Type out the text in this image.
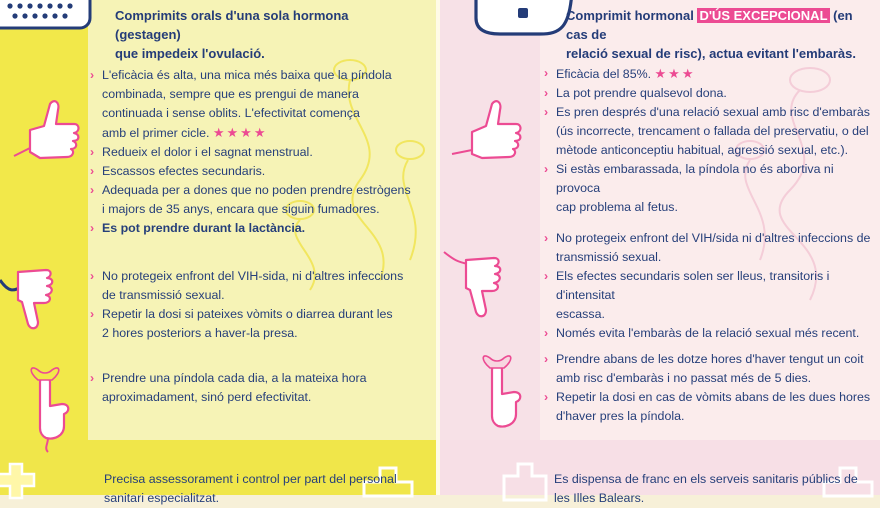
Comprimits orals d'una sola hormona (gestagen)
que impedeix l'ovulació.
› L'eficàcia és alta, una mica més baixa que la píndola
combinada, sempre que es prengui de manera
continuada i sense oblits. L'efectivitat comença
amb el primer cicle. ★★★★
› Redueix el dolor i el sagnat menstrual.
› Escassos efectes secundaris.
› Adequada per a dones que no poden prendre estrògens
i majors de 35 anys, encara que siguin fumadores.
› Es pot prendre durant la lactància.
› No protegeix enfront del VIH-sida, ni d'altres infeccions
de transmissió sexual.
› Repetir la dosi si pateixes vòmits o diarrea durant les
2 hores posteriors a haver-la presa.
› Prendre una píndola cada dia, a la mateixa hora
aproximadament, sinó perd efectivitat.
Precisa assessorament i control per part del personal
sanitari especialitzat.
Comprimit hormonal D'ÚS EXCEPCIONAL (en cas de
relació sexual de risc), actua evitant l'embaràs.
› Eficàcia del 85%. ★★★
› La pot prendre qualsevol dona.
› Es pren després d'una relació sexual amb risc d'embaràs
(ús incorrecte, trencament o fallada del preservatiu, o del
mètode anticonceptiu habitual, agressió sexual, etc.).
› Si estàs embarassada, la píndola no és abortiva ni provoca
cap problema al fetus.
› No protegeix enfront del VIH/sida ni d'altres infeccions de
transmissió sexual.
› Els efectes secundaris solen ser lleus, transitoris i d'intensitat
escassa.
› Només evita l'embaràs de la relació sexual més recent.
› Prendre abans de les dotze hores d'haver tengut un coit
amb risc d'embaràs i no passat més de 5 dies.
› Repetir la dosi en cas de vòmits abans de les dues hores
d'haver pres la píndola.
Es dispensa de franc en els serveis sanitaris públics de
les Illes Balears.
